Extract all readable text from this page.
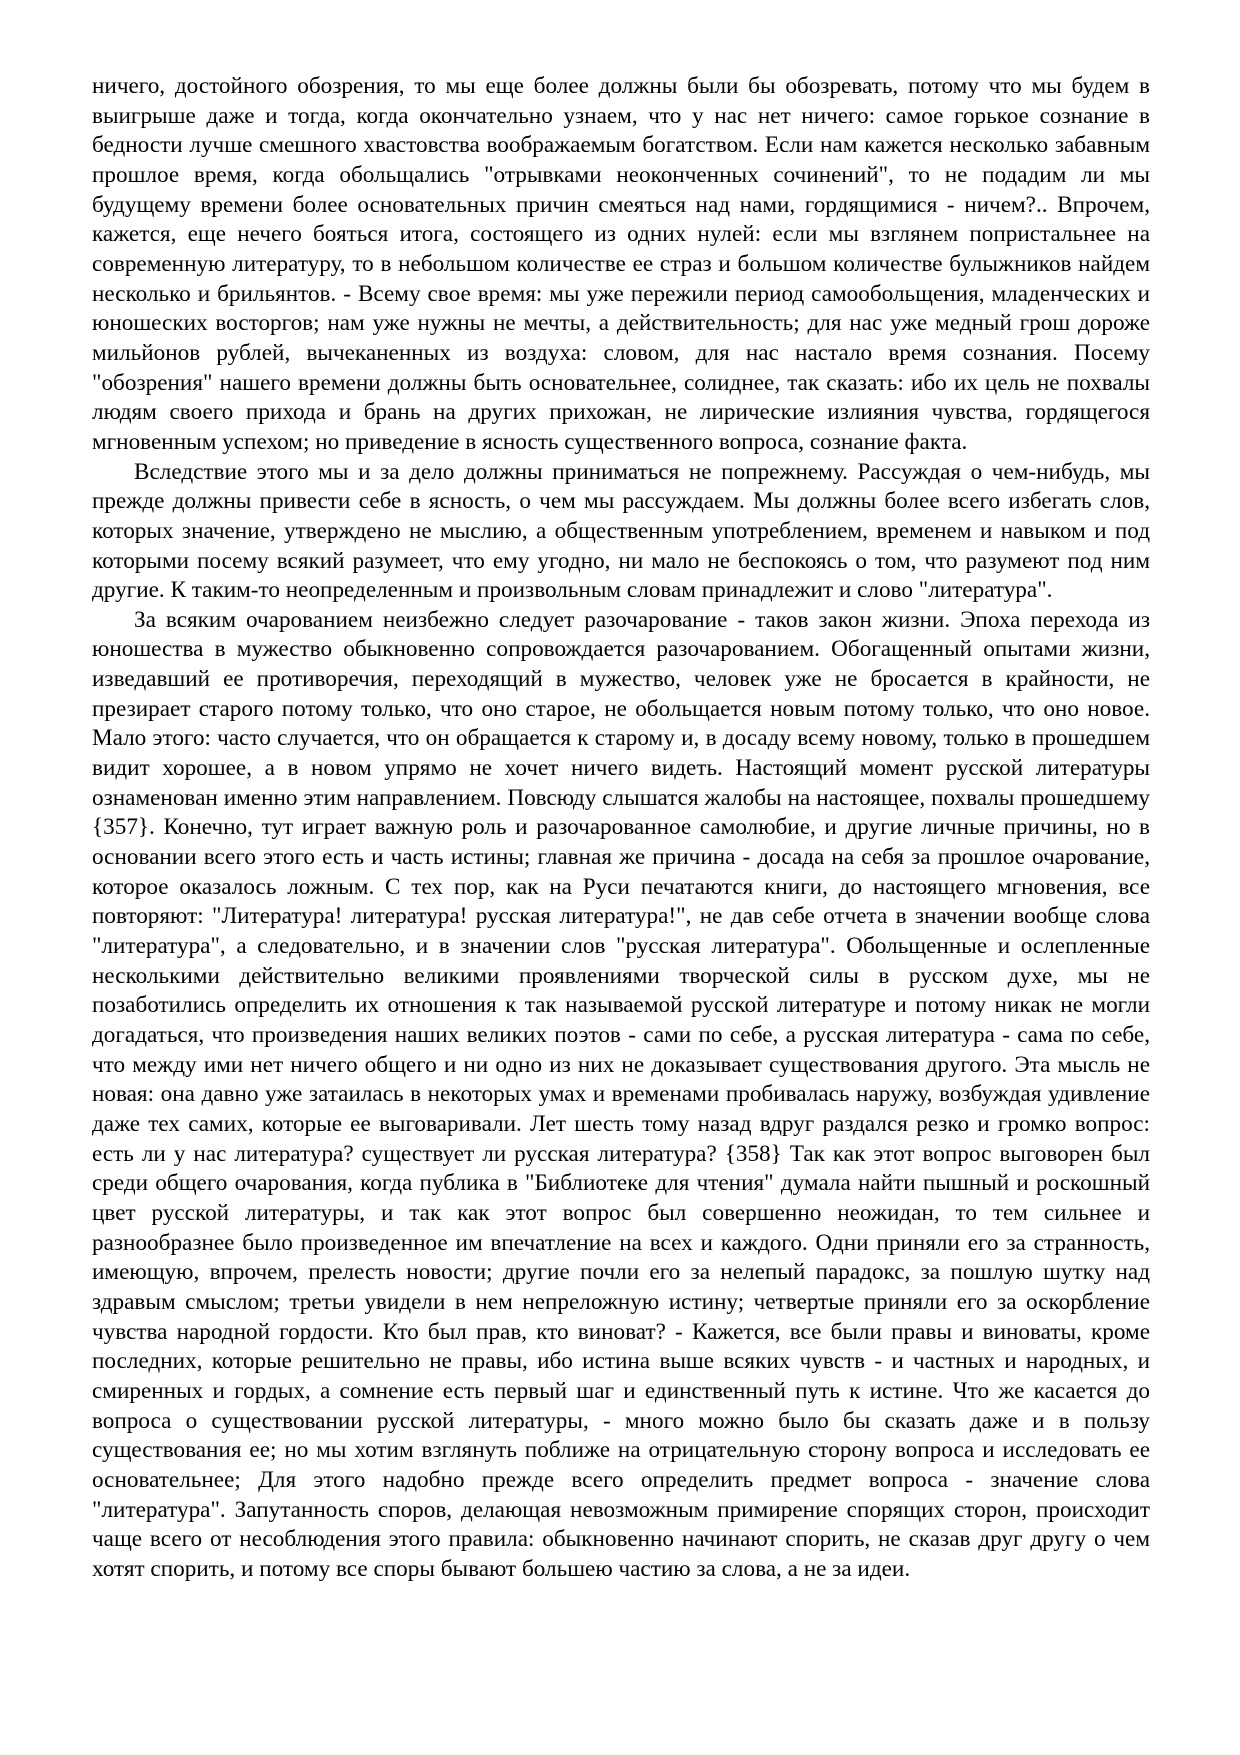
ничего, достойного обозрения, то мы еще более должны были бы обозревать, потому что мы будем в выигрыше даже и тогда, когда окончательно узнаем, что у нас нет ничего: самое горькое сознание в бедности лучше смешного хвастовства воображаемым богатством. Если нам кажется несколько забавным прошлое время, когда обольщались "отрывками неоконченных сочинений", то не подадим ли мы будущему времени более основательных причин смеяться над нами, гордящимися - ничем?.. Впрочем, кажется, еще нечего бояться итога, состоящего из одних нулей: если мы взглянем попристальнее на современную литературу, то в небольшом количестве ее страз и большом количестве булыжников найдем несколько и брильянтов. - Всему свое время: мы уже пережили период самообольщения, младенческих и юношеских восторгов; нам уже нужны не мечты, а действительность; для нас уже медный грош дороже мильйонов рублей, вычеканенных из воздуха: словом, для нас настало время сознания. Посему "обозрения" нашего времени должны быть основательнее, солиднее, так сказать: ибо их цель не похвалы людям своего прихода и брань на других прихожан, не лирические излияния чувства, гордящегося мгновенным успехом; но приведение в ясность существенного вопроса, сознание факта.

Вследствие этого мы и за дело должны приниматься не попрежнему. Рассуждая о чем-нибудь, мы прежде должны привести себе в ясность, о чем мы рассуждаем. Мы должны более всего избегать слов, которых значение, утверждено не мыслию, а общественным употреблением, временем и навыком и под которыми посему всякий разумеет, что ему угодно, ни мало не беспокоясь о том, что разумеют под ним другие. К таким-то неопределенным и произвольным словам принадлежит и слово "литература".

За всяким очарованием неизбежно следует разочарование - таков закон жизни. Эпоха перехода из юношества в мужество обыкновенно сопровождается разочарованием. Обогащенный опытами жизни, изведавший ее противоречия, переходящий в мужество, человек уже не бросается в крайности, не презирает старого потому только, что оно старое, не обольщается новым потому только, что оно новое. Мало этого: часто случается, что он обращается к старому и, в досаду всему новому, только в прошедшем видит хорошее, а в новом упрямо не хочет ничего видеть. Настоящий момент русской литературы ознаменован именно этим направлением. Повсюду слышатся жалобы на настоящее, похвалы прошедшему {357}. Конечно, тут играет важную роль и разочарованное самолюбие, и другие личные причины, но в основании всего этого есть и часть истины; главная же причина - досада на себя за прошлое очарование, которое оказалось ложным. С тех пор, как на Руси печатаются книги, до настоящего мгновения, все повторяют: "Литература! литература! русская литература!", не дав себе отчета в значении вообще слова "литература", а следовательно, и в значении слов "русская литература". Обольщенные и ослепленные несколькими действительно великими проявлениями творческой силы в русском духе, мы не позаботились определить их отношения к так называемой русской литературе и потому никак не могли догадаться, что произведения наших великих поэтов - сами по себе, а русская литература - сама по себе, что между ими нет ничего общего и ни одно из них не доказывает существования другого. Эта мысль не новая: она давно уже затаилась в некоторых умах и временами пробивалась наружу, возбуждая удивление даже тех самих, которые ее выговаривали. Лет шесть тому назад вдруг раздался резко и громко вопрос: есть ли у нас литература? существует ли русская литература? {358} Так как этот вопрос выговорен был среди общего очарования, когда публика в "Библиотеке для чтения" думала найти пышный и роскошный цвет русской литературы, и так как этот вопрос был совершенно неожидан, то тем сильнее и разнообразнее было произведенное им впечатление на всех и каждого. Одни приняли его за странность, имеющую, впрочем, прелесть новости; другие почли его за нелепый парадокс, за пошлую шутку над здравым смыслом; третьи увидели в нем непреложную истину; четвертые приняли его за оскорбление чувства народной гордости. Кто был прав, кто виноват? - Кажется, все были правы и виноваты, кроме последних, которые решительно не правы, ибо истина выше всяких чувств - и частных и народных, и смиренных и гордых, а сомнение есть первый шаг и единственный путь к истине. Что же касается до вопроса о существовании русской литературы, - много можно было бы сказать даже и в пользу существования ее; но мы хотим взглянуть поближе на отрицательную сторону вопроса и исследовать ее основательнее; Для этого надобно прежде всего определить предмет вопроса - значение слова "литература". Запутанность споров, делающая невозможным примирение спорящих сторон, происходит чаще всего от несоблюдения этого правила: обыкновенно начинают спорить, не сказав друг другу о чем хотят спорить, и потому все споры бывают большею частию за слова, а не за идеи.
